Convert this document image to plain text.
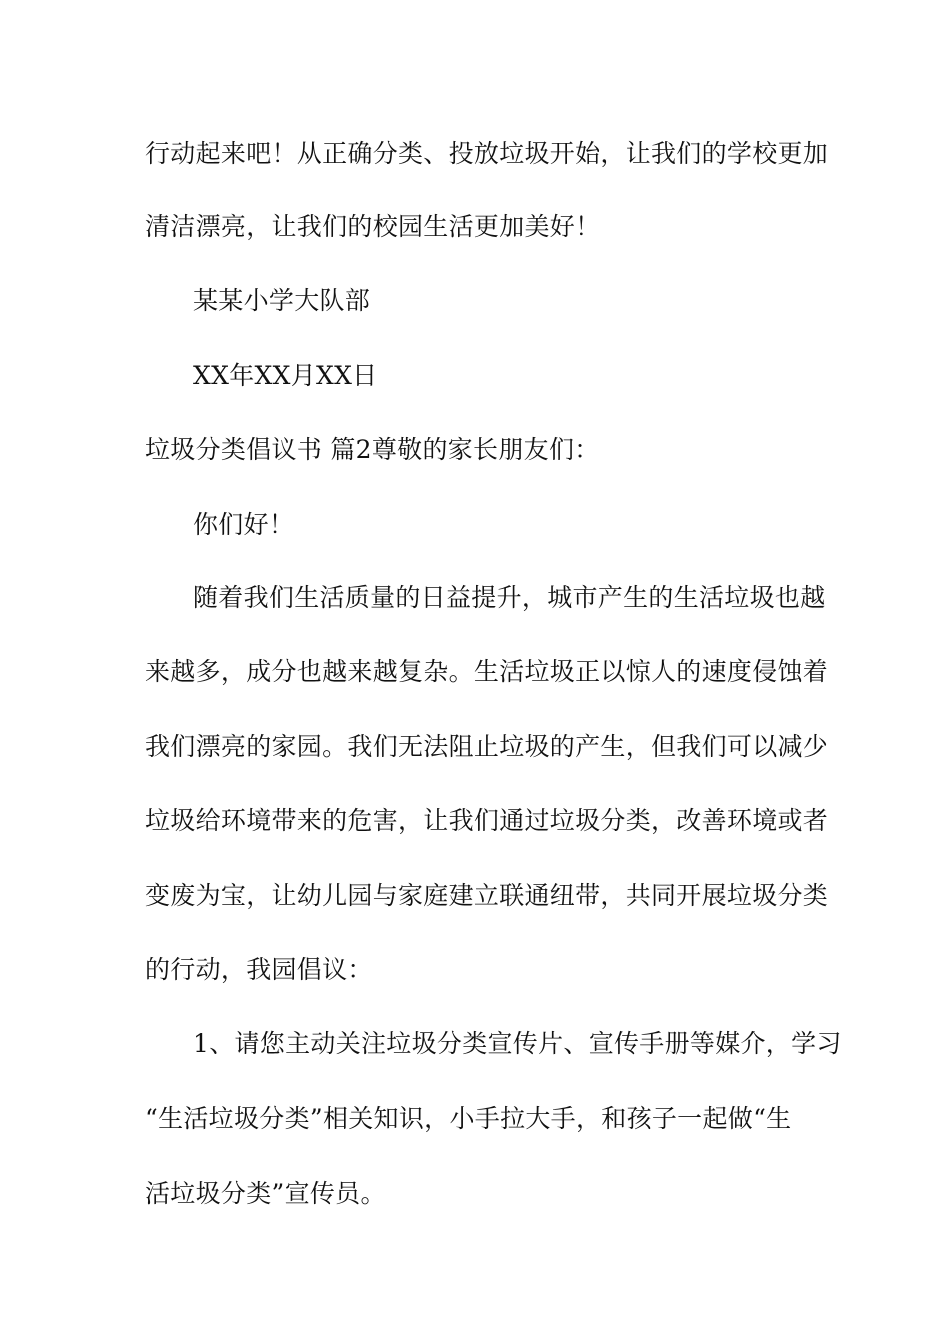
行动起来吧！从正确分类、投放垃圾开始，让我们的学校更加
清洁漂亮，让我们的校园生活更加美好！
某某小学大队部
XX年XX月XX日
垃圾分类倡议书 篇2尊敬的家长朋友们：
你们好！
随着我们生活质量的日益提升，城市产生的生活垃圾也越
来越多，成分也越来越复杂。生活垃圾正以惊人的速度侵蚀着
我们漂亮的家园。我们无法阻止垃圾的产生，但我们可以减少
垃圾给环境带来的危害，让我们通过垃圾分类，改善环境或者
变废为宝，让幼儿园与家庭建立联通纽带，共同开展垃圾分类
的行动，我园倡议：
1、请您主动关注垃圾分类宣传片、宣传手册等媒介，学习
“生活垃圾分类”相关知识，小手拉大手，和孩子一起做“生
活垃圾分类”宣传员。
